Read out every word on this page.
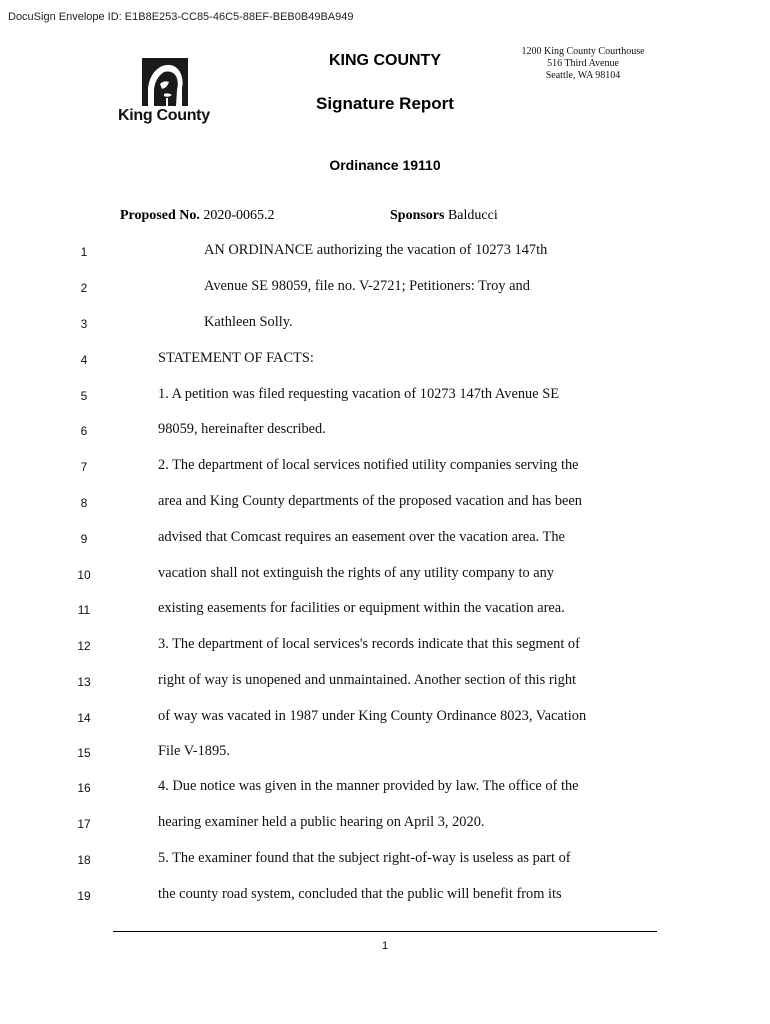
DocuSign Envelope ID: E1B8E253-CC85-46C5-88EF-BEB0B49BA949
King County
KING COUNTY
Signature Report
1200 King County Courthouse
516 Third Avenue
Seattle, WA 98104
Ordinance 19110
Proposed No. 2020-0065.2	Sponsors Balducci
1	AN ORDINANCE authorizing the vacation of 10273 147th
2	Avenue SE 98059, file no. V-2721; Petitioners: Troy and
3	Kathleen Solly.
4	STATEMENT OF FACTS:
5	1. A petition was filed requesting vacation of 10273 147th Avenue SE
6	98059, hereinafter described.
7	2. The department of local services notified utility companies serving the
8	area and King County departments of the proposed vacation and has been
9	advised that Comcast requires an easement over the vacation area. The
10	vacation shall not extinguish the rights of any utility company to any
11	existing easements for facilities or equipment within the vacation area.
12	3. The department of local services's records indicate that this segment of
13	right of way is unopened and unmaintained. Another section of this right
14	of way was vacated in 1987 under King County Ordinance 8023, Vacation
15	File V-1895.
16	4. Due notice was given in the manner provided by law. The office of the
17	hearing examiner held a public hearing on April 3, 2020.
18	5. The examiner found that the subject right-of-way is useless as part of
19	the county road system, concluded that the public will benefit from its
1
